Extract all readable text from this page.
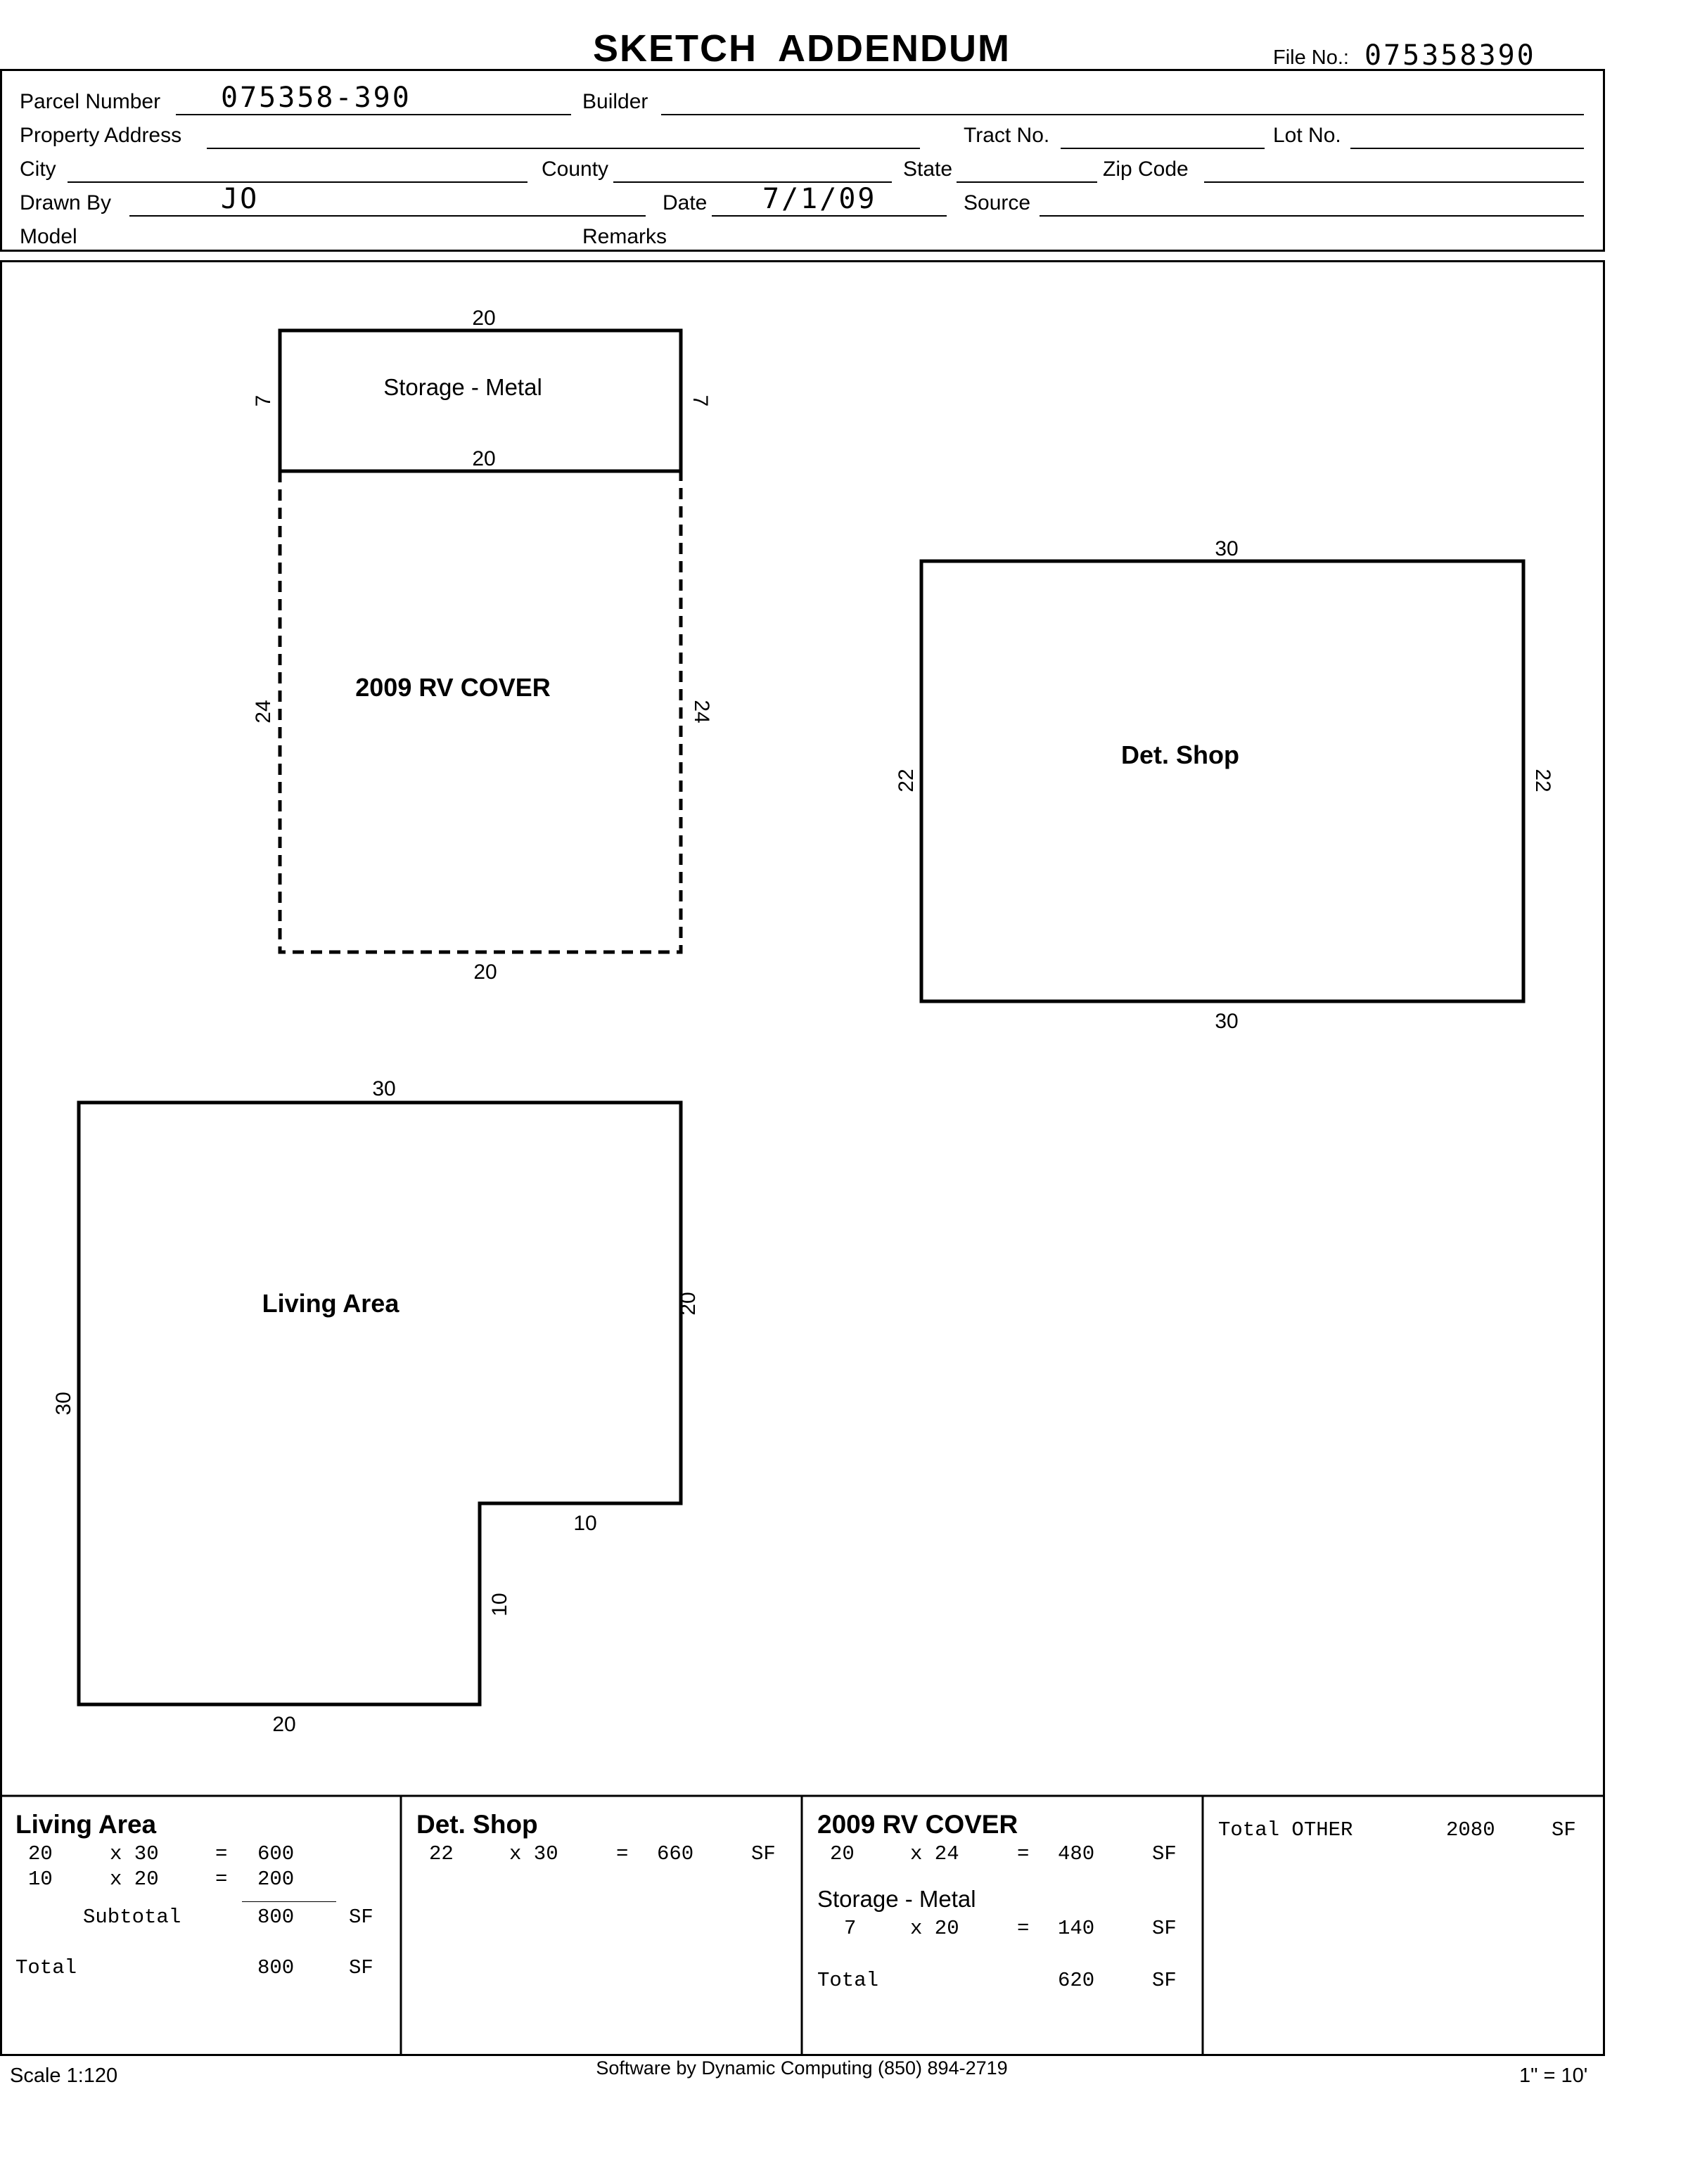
SKETCH ADDENDUM	File No.: 075358390
Parcel Number 075358-390	Builder
Property Address	Tract No.	Lot No.
City	County	State	Zip Code
Drawn By	JO	Date 7/1/09	Source
Model	Remarks
20
20
7	7
Storage - Metal
20
24	24
2009 RV COVER
30
30
22	22
Det. Shop
30
20
30
10
10
20
Living Area
Living Area
20	x 30	= 600
10	x 20	= 200
Subtotal	800	SF
Total	800	SF
Det. Shop
22	x 30	= 660	SF
2009 RV COVER
20	x 24	= 480	SF
Storage - Metal
7	x 20	= 140	SF
Total	620	SF
Total OTHER	2080	SF
Scale 1:120	Software by Dynamic Computing (850) 894-2719	1" = 10'
